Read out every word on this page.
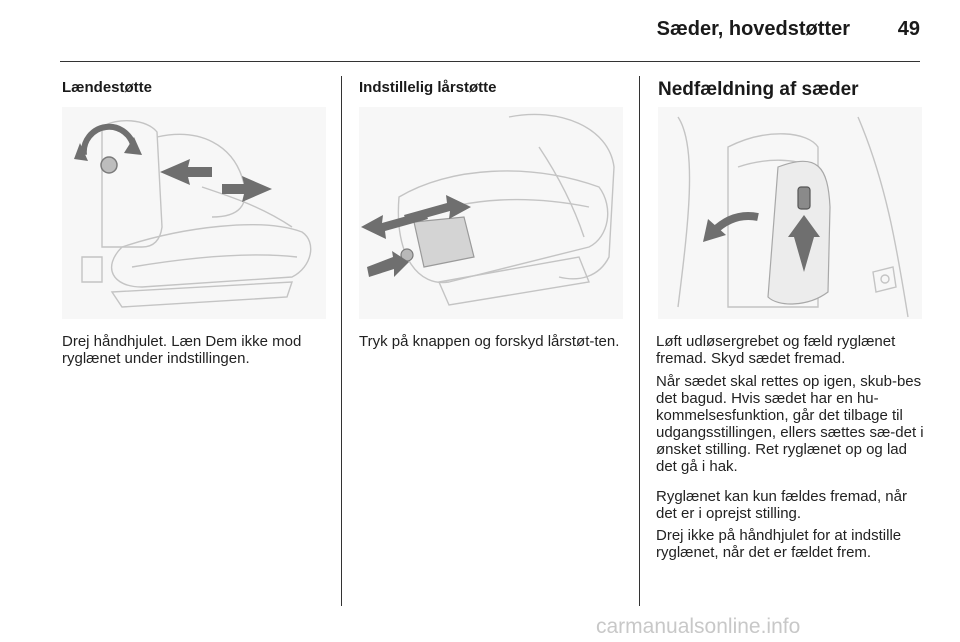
Sæder, hovedstøtter	49
Lændestøtte

Drej håndhjulet. Læn Dem ikke mod ryglænet under indstillingen.

Indstillelig lårstøtte

Tryk på knappen og forskyd lårstøt-ten.

Nedfældning af sæder

Løft udløsergrebet og fæld ryglænet fremad. Skyd sædet fremad.

Når sædet skal rettes op igen, skub-bes det bagud. Hvis sædet har en hu-kommelsesfunktion, går det tilbage til udgangsstillingen, ellers sættes sæ-det i ønsket stilling. Ret ryglænet op og lad det gå i hak.

Ryglænet kan kun fældes fremad, når det er i oprejst stilling.

Drej ikke på håndhjulet for at indstille ryglænet, når det er fældet frem.

carmanualsonline.info
